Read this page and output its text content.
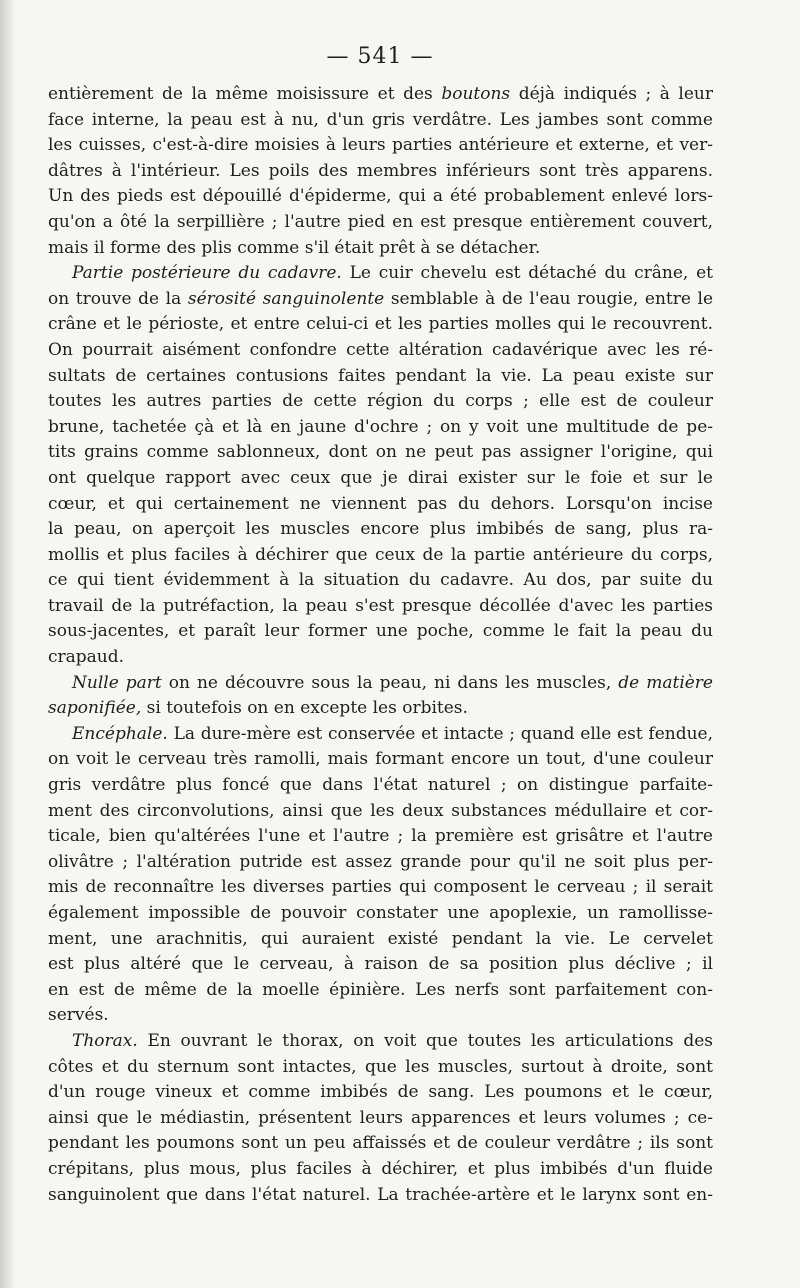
— 541 —
entièrement de la même moisissure et des boutons déjà indiqués ; à leur
face interne, la peau est à nu, d'un gris verdâtre. Les jambes sont comme
les cuisses, c'est-à-dire moisies à leurs parties antérieure et externe, et ver-
dâtres à l'intérieur. Les poils des membres inférieurs sont très apparens.
Un des pieds est dépouillé d'épiderme, qui a été probablement enlevé lors-
qu'on a ôté la serpillière ; l'autre pied en est presque entièrement couvert,
mais il forme des plis comme s'il était prêt à se détacher.
Partie postérieure du cadavre. Le cuir chevelu est détaché du crâne, et
on trouve de la sérosité sanguinolente semblable à de l'eau rougie, entre le
crâne et le périoste, et entre celui-ci et les parties molles qui le recouvrent.
On pourrait aisément confondre cette altération cadavérique avec les ré-
sultats de certaines contusions faites pendant la vie. La peau existe sur
toutes les autres parties de cette région du corps ; elle est de couleur
brune, tachetée çà et là en jaune d'ochre ; on y voit une multitude de pe-
tits grains comme sablonneux, dont on ne peut pas assigner l'origine, qui
ont quelque rapport avec ceux que je dirai exister sur le foie et sur le
cœur, et qui certainement ne viennent pas du dehors. Lorsqu'on incise
la peau, on aperçoit les muscles encore plus imbibés de sang, plus ra-
mollis et plus faciles à déchirer que ceux de la partie antérieure du corps,
ce qui tient évidemment à la situation du cadavre. Au dos, par suite du
travail de la putréfaction, la peau s'est presque décollée d'avec les parties
sous-jacentes, et paraît leur former une poche, comme le fait la peau du
crapaud.
Nulle part on ne découvre sous la peau, ni dans les muscles, de matière
saponifiée, si toutefois on en excepte les orbites.
Encéphale. La dure-mère est conservée et intacte ; quand elle est fendue,
on voit le cerveau très ramolli, mais formant encore un tout, d'une couleur
gris verdâtre plus foncé que dans l'état naturel ; on distingue parfaite-
ment des circonvolutions, ainsi que les deux substances médullaire et cor-
ticale, bien qu'altérées l'une et l'autre ; la première est grisâtre et l'autre
olivâtre ; l'altération putride est assez grande pour qu'il ne soit plus per-
mis de reconnaître les diverses parties qui composent le cerveau ; il serait
également impossible de pouvoir constater une apoplexie, un ramollisse-
ment, une arachnitis, qui auraient existé pendant la vie. Le cervelet
est plus altéré que le cerveau, à raison de sa position plus déclive ; il
en est de même de la moelle épinière. Les nerfs sont parfaitement con-
servés.
Thorax. En ouvrant le thorax, on voit que toutes les articulations des
côtes et du sternum sont intactes, que les muscles, surtout à droite, sont
d'un rouge vineux et comme imbibés de sang. Les poumons et le cœur,
ainsi que le médiastin, présentent leurs apparences et leurs volumes ; ce-
pendant les poumons sont un peu affaissés et de couleur verdâtre ; ils sont
crépitans, plus mous, plus faciles à déchirer, et plus imbibés d'un fluide
sanguinolent que dans l'état naturel. La trachée-artère et le larynx sont en-
